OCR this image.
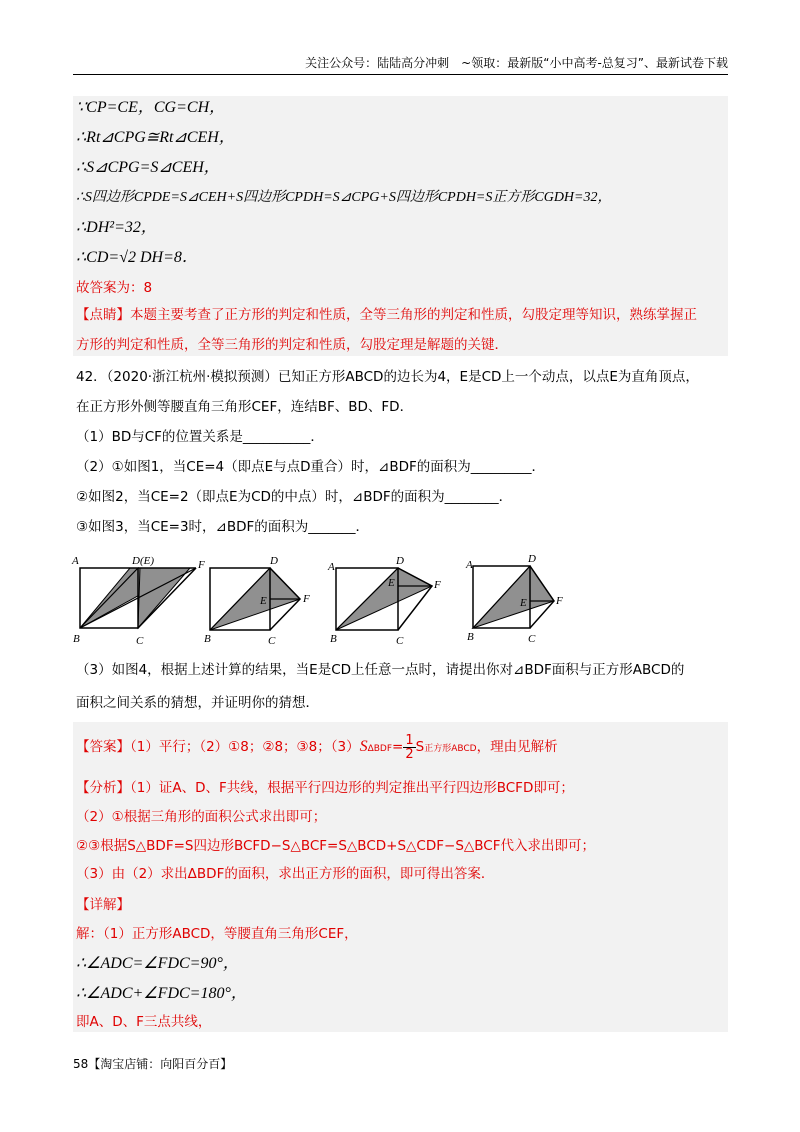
关注公众号：陆陆高分冲刺　~领取：最新版“小中高考-总复习”、最新试卷下载
∵CP=CE，CG=CH，
∴Rt⊿CPG≅Rt⊿CEH，
∴S⊿CPG=S⊿CEH，
∴S四边形CPDE=S⊿CEH+S四边形CPDH=S⊿CPG+S四边形CPDH=S正方形CGDH=32，
∴DH²=32，
∴CD=√2 DH=8．
故答案为：8
【点睛】本题主要考查了正方形的判定和性质，全等三角形的判定和性质，勾股定理等知识，熟练掌握正
方形的判定和性质，全等三角形的判定和性质，勾股定理是解题的关键．
42．（2020·浙江杭州·模拟预测）已知正方形ABCD的边长为4，E是CD上一个动点，以点E为直角顶点，
在正方形外侧等腰直角三角形CEF，连结BF、BD、FD．
（1）BD与CF的位置关系是__________．
（2）①如图1，当CE=4（即点E与点D重合）时，⊿BDF的面积为_________．
②如图2，当CE=2（即点E为CD的中点）时，⊿BDF的面积为________．
③如图3，当CE=3时，⊿BDF的面积为_______．
A	D(E)	F
B	C
D
E	F
B	C
A	D
E	F
B	C
A	D
E	F
B	C
（3）如图4，根据上述计算的结果，当E是CD上任意一点时，请提出你对⊿BDF面积与正方形ABCD的
面积之间关系的猜想，并证明你的猜想．
【答案】（1）平行；（2）①8；②8；③8；$(3)S\Delta BDF= \frac{1}{2}$ S正方形ABCD，理由见解析
【分析】（1）证A、D、F共线，根据平行四边形的判定推出平行四边形BCFD即可；
（2）①根据三角形的面积公式求出即可；
②③根据S△BDF=S四边形BCFD−S△BCF=S△BCD+S△CDF−S△BCF代入求出即可；
（3）由（2）求出ΔBDF的面积，求出正方形的面积，即可得出答案．
【详解】
解：（1）正方形ABCD，等腰直角三角形CEF，
∴∠ADC=∠FDC=90°，
∴∠ADC+∠FDC=180°，
即A、D、F三点共线，
58【淘宝店铺：向阳百分百】
